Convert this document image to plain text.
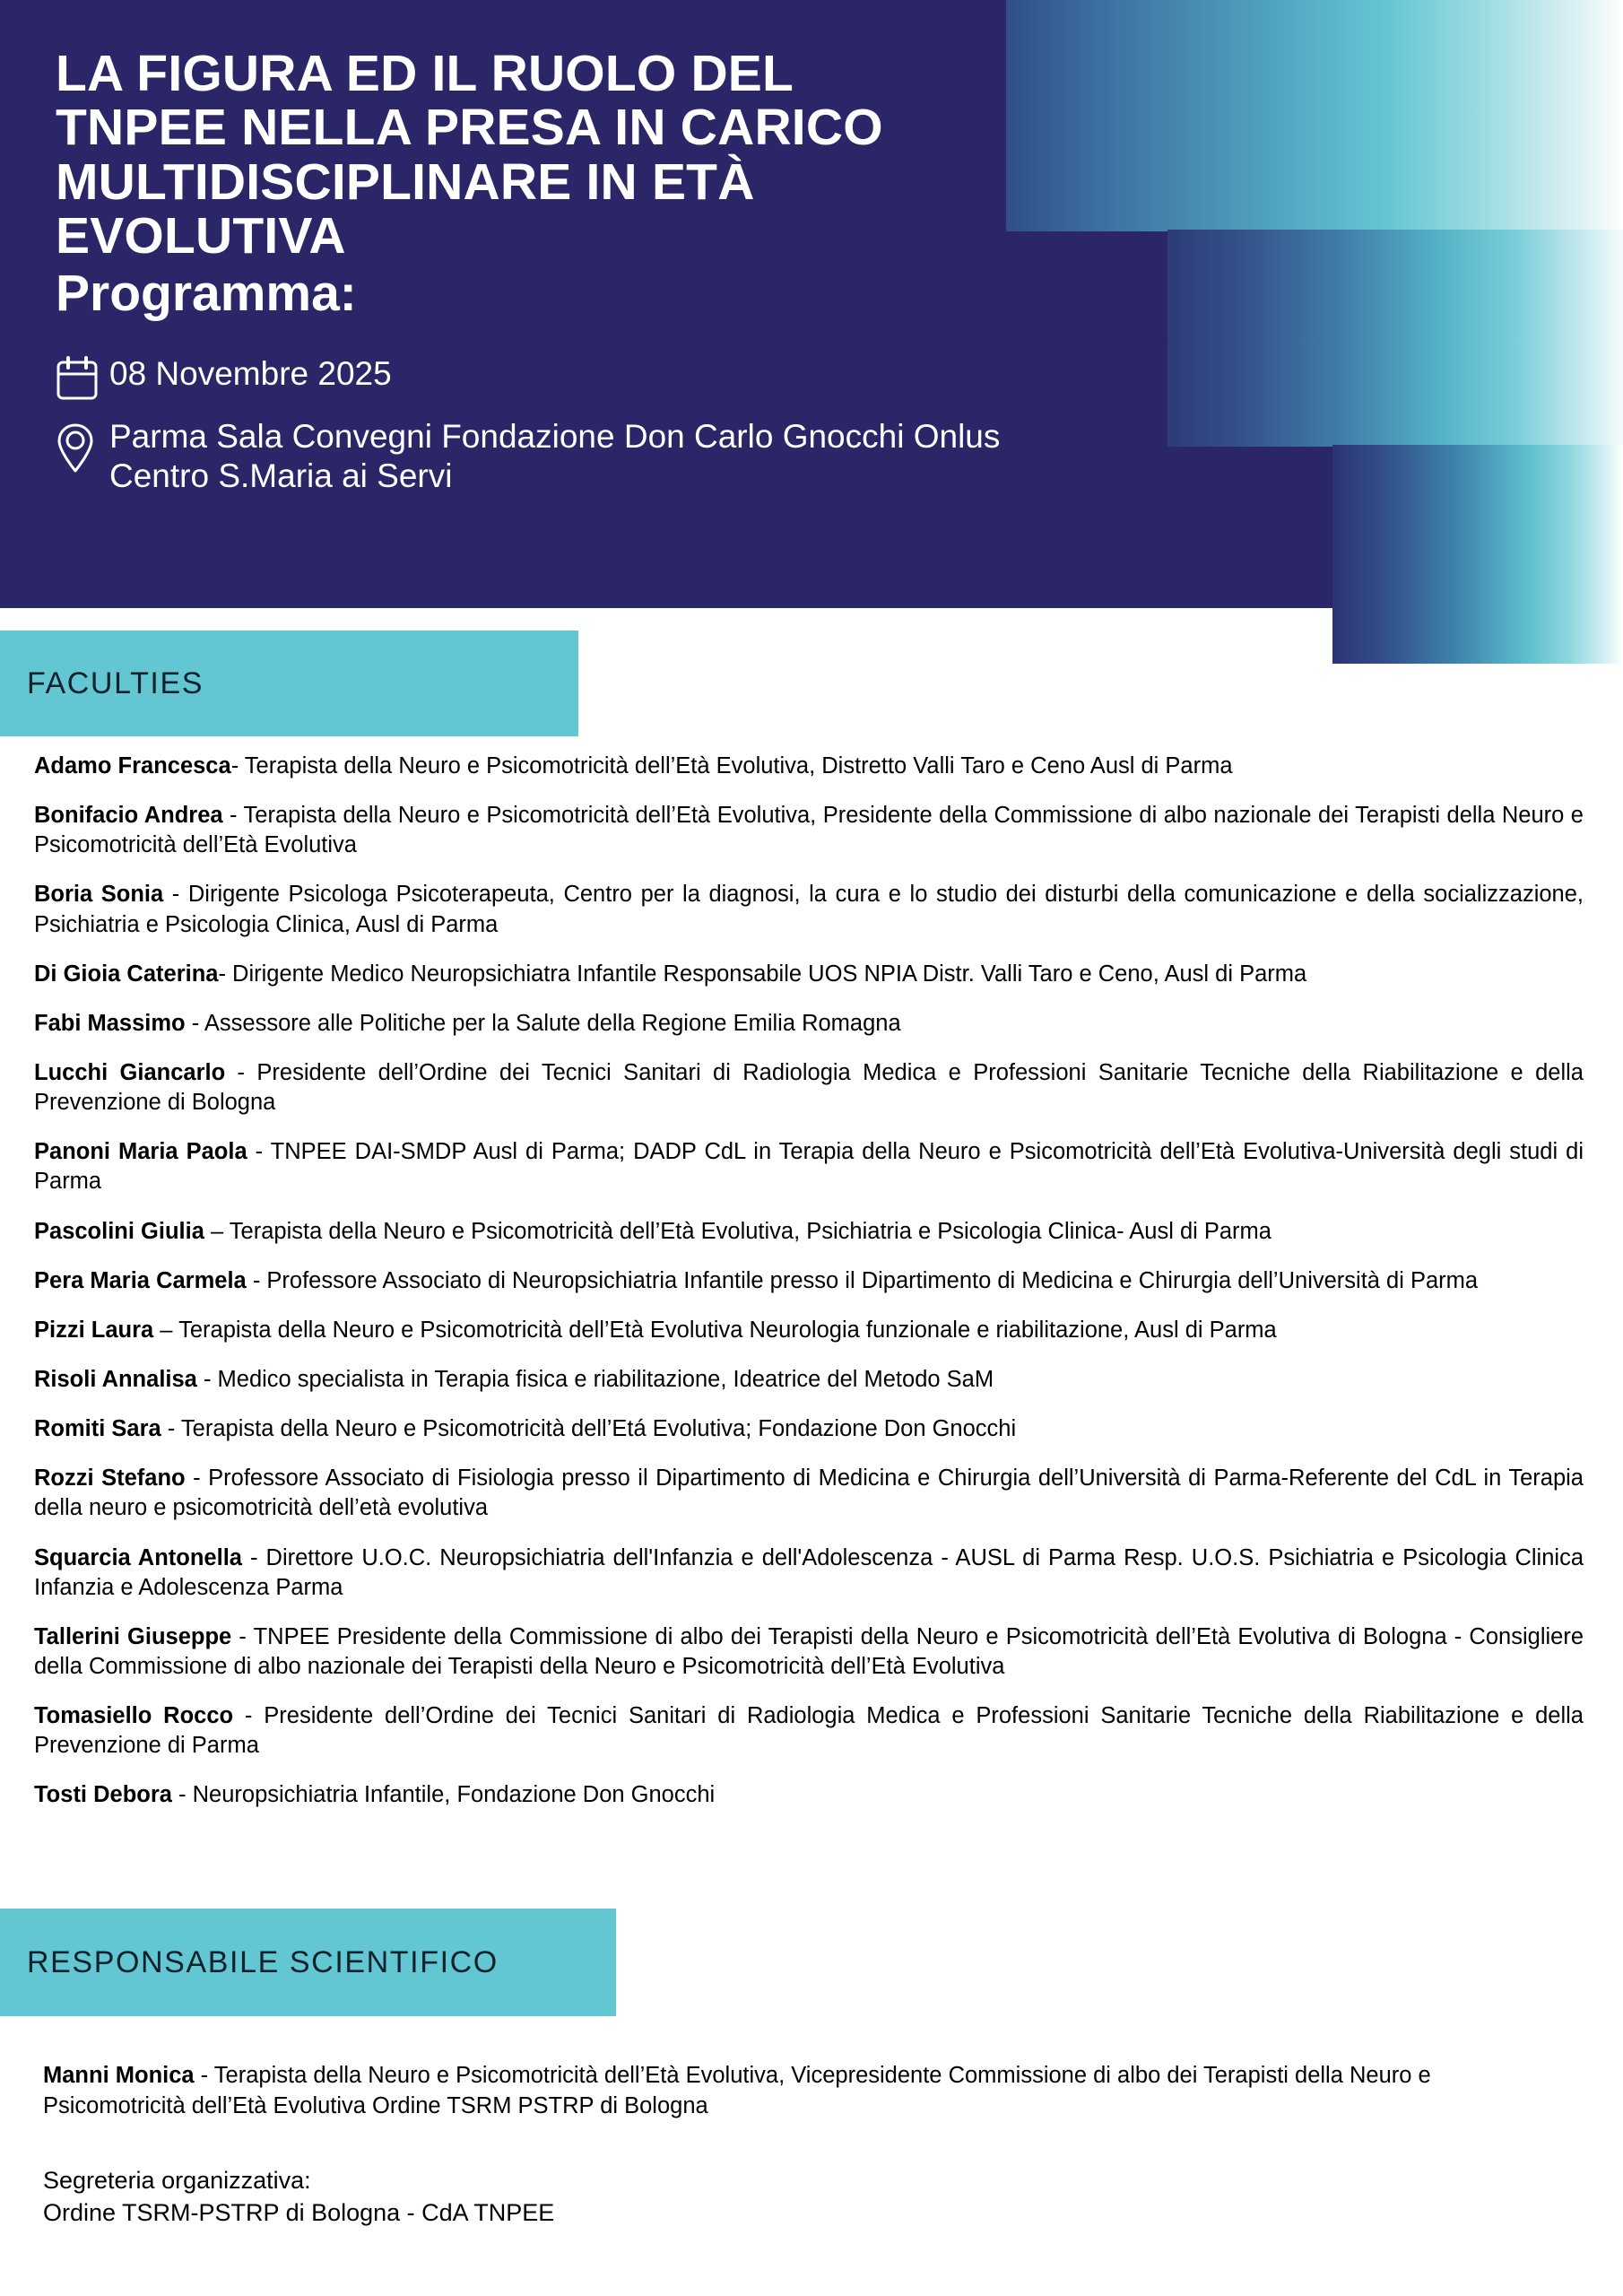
LA FIGURA ED IL RUOLO DEL
TNPEE NELLA PRESA IN CARICO
MULTIDISCIPLINARE IN ETÀ
EVOLUTIVA
Programma:
08 Novembre 2025
Parma Sala Convegni Fondazione Don Carlo Gnocchi Onlus
Centro S.Maria ai Servi
FACULTIES
Adamo Francesca- Terapista della Neuro e Psicomotricità dell’Età Evolutiva, Distretto Valli Taro e Ceno Ausl di Parma
Bonifacio Andrea - Terapista della Neuro e Psicomotricità dell’Età Evolutiva, Presidente della Commissione di albo nazionale dei Terapisti della Neuro e Psicomotricità dell’Età Evolutiva
Boria Sonia - Dirigente Psicologa Psicoterapeuta, Centro per la diagnosi, la cura e lo studio dei disturbi della comunicazione e della socializzazione, Psichiatria e Psicologia Clinica, Ausl di Parma
Di Gioia Caterina- Dirigente Medico Neuropsichiatra Infantile Responsabile UOS NPIA Distr. Valli Taro e Ceno, Ausl di Parma
Fabi Massimo - Assessore alle Politiche per la Salute della Regione Emilia Romagna
Lucchi Giancarlo - Presidente dell’Ordine dei Tecnici Sanitari di Radiologia Medica e Professioni Sanitarie Tecniche della Riabilitazione e della Prevenzione di Bologna
Panoni Maria Paola - TNPEE DAI-SMDP Ausl di Parma; DADP CdL in Terapia della Neuro e Psicomotricità dell’Età Evolutiva-Università degli studi di Parma
Pascolini Giulia – Terapista della Neuro e Psicomotricità dell’Età Evolutiva, Psichiatria e Psicologia Clinica- Ausl di Parma
Pera Maria Carmela - Professore Associato di Neuropsichiatria Infantile presso il Dipartimento di Medicina e Chirurgia dell’Università di Parma
Pizzi Laura – Terapista della Neuro e Psicomotricità dell’Età Evolutiva Neurologia funzionale e riabilitazione, Ausl di Parma
Risoli Annalisa - Medico specialista in Terapia fisica e riabilitazione, Ideatrice del Metodo SaM
Romiti Sara - Terapista della Neuro e Psicomotricità dell’Etá Evolutiva; Fondazione Don Gnocchi
Rozzi Stefano - Professore Associato di Fisiologia presso il Dipartimento di Medicina e Chirurgia dell’Università di Parma-Referente del CdL in Terapia della neuro e psicomotricità dell’età evolutiva
Squarcia Antonella - Direttore U.O.C. Neuropsichiatria dell'Infanzia e dell'Adolescenza - AUSL di Parma Resp. U.O.S. Psichiatria e Psicologia Clinica Infanzia e Adolescenza Parma
Tallerini Giuseppe - TNPEE Presidente della Commissione di albo dei Terapisti della Neuro e Psicomotricità dell’Età Evolutiva di Bologna - Consigliere della Commissione di albo nazionale dei Terapisti della Neuro e Psicomotricità dell’Età Evolutiva
Tomasiello Rocco - Presidente dell’Ordine dei Tecnici Sanitari di Radiologia Medica e Professioni Sanitarie Tecniche della Riabilitazione e della Prevenzione di Parma
Tosti Debora - Neuropsichiatria Infantile, Fondazione Don Gnocchi
RESPONSABILE SCIENTIFICO
Manni Monica - Terapista della Neuro e Psicomotricità dell’Età Evolutiva, Vicepresidente Commissione di albo dei Terapisti della Neuro e Psicomotricità dell’Età Evolutiva Ordine TSRM PSTRP di Bologna
Segreteria organizzativa:
Ordine TSRM-PSTRP di Bologna - CdA TNPEE
